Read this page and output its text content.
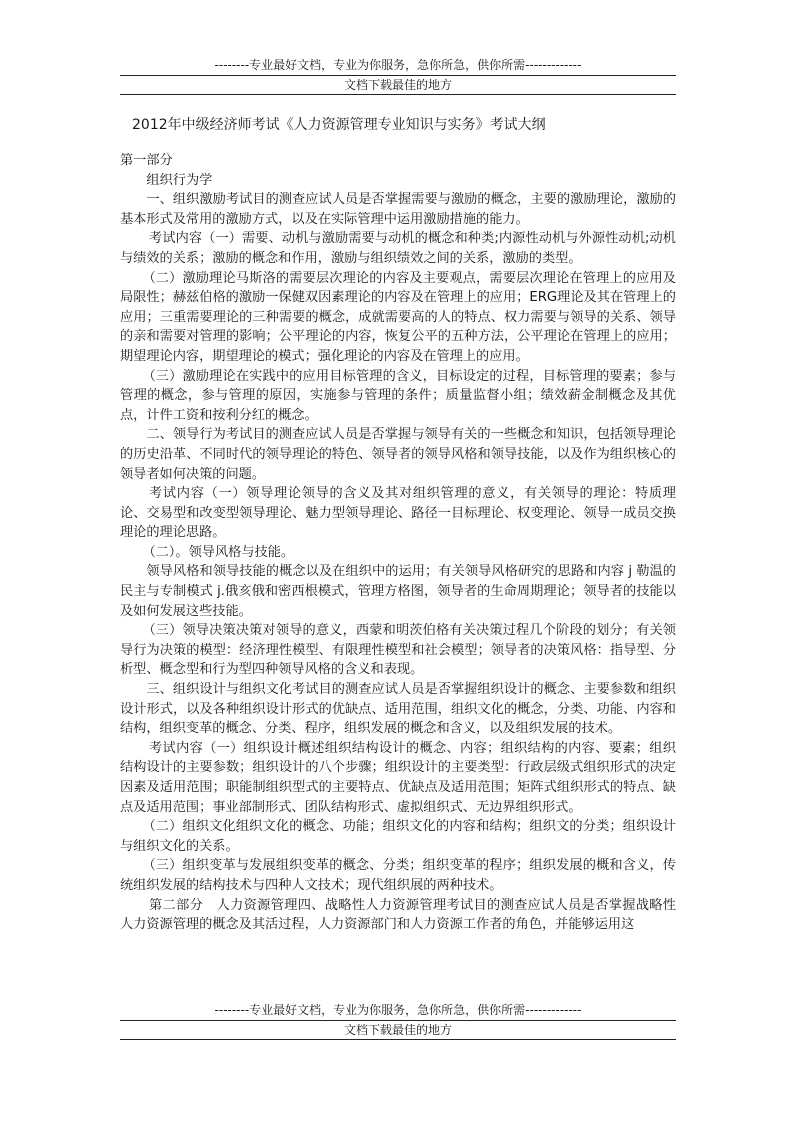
--------专业最好文档，专业为你服务，急你所急，供你所需-------------
文档下载最佳的地方
2012年中级经济师考试《人力资源管理专业知识与实务》考试大纲

第一部分

组织行为学

一、组织激励考试目的测查应试人员是否掌握需要与激励的概念，主要的激励理论，激励的基本形式及常用的激励方式，以及在实际管理中运用激励措施的能力。

考试内容（一）需要、动机与激励需要与动机的概念和种类;内源性动机与外源性动机;动机与绩效的关系；激励的概念和作用，激励与组织绩效之间的关系，激励的类型。

（二）激励理论马斯洛的需要层次理论的内容及主要观点，需要层次理论在管理上的应用及局限性；赫兹伯格的激励一保健双因素理论的内容及在管理上的应用；ERG理论及其在管理上的应用；三重需要理论的三种需要的概念，成就需要高的人的特点、权力需要与领导的关系、领导的亲和需要对管理的影响；公平理论的内容，恢复公平的五种方法，公平理论在管理上的应用；期望理论内容，期望理论的模式；强化理论的内容及在管理上的应用。

（三）激励理论在实践中的应用目标管理的含义，目标设定的过程，目标管理的要素；参与管理的概念，参与管理的原因，实施参与管理的条件；质量监督小组；绩效薪金制概念及其优点，计件工资和按利分红的概念。

二、领导行为考试目的测查应试人员是否掌握与领导有关的一些概念和知识，包括领导理论的历史沿革、不同时代的领导理论的特色、领导者的领导风格和领导技能，以及作为组织核心的领导者如何决策的问题。

考试内容（一）领导理论领导的含义及其对组织管理的意义，有关领导的理论：特质理论、交易型和改变型领导理论、魅力型领导理论、路径一目标理论、权变理论、领导一成员交换理论的理论思路。

（二）。领导风格与技能。

领导风格和领导技能的概念以及在组织中的运用；有关领导风格研究的思路和内容 j 勒温的民主与专制模式 j.俄亥俄和密西根模式，管理方格图，领导者的生命周期理论；领导者的技能以及如何发展这些技能。

（三）领导决策决策对领导的意义，西蒙和明茨伯格有关决策过程几个阶段的划分；有关领导行为决策的模型：经济理性模型、有限理性模型和社会模型；领导者的决策风格：指导型、分析型、概念型和行为型四种领导风格的含义和表现。

三、组织设计与组织文化考试目的测查应试人员是否掌握组织设计的概念、主要参数和组织设计形式，以及各种组织设计形式的优缺点、适用范围，组织文化的概念，分类、功能、内容和结构，组织变革的概念、分类、程序，组织发展的概念和含义，以及组织发展的技术。

考试内容（一）组织设计概述组织结构设计的概念、内容；组织结构的内容、要素；组织结构设计的主要参数；组织设计的八个步骤；组织设计的主要类型：行政层级式组织形式的决定因素及适用范围；职能制组织型式的主要特点、优缺点及适用范围；矩阵式组织形式的特点、缺点及适用范围；事业部制形式、团队结构形式、虚拟组织式、无边界组织形式。

（二）组织文化组织文化的概念、功能；组织文化的内容和结构；组织文的分类；组织设计与组织文化的关系。

（三）组织变革与发展组织变革的概念、分类；组织变革的程序；组织发展的概和含义，传统组织发展的结构技术与四种人文技术；现代组织展的两种技术。

第二部分　人力资源管理四、战略性人力资源管理考试目的测查应试人员是否掌握战略性人力资源管理的概念及其活过程，人力资源部门和人力资源工作者的角色，并能够运用这

--------专业最好文档，专业为你服务，急你所急，供你所需-------------
文档下载最佳的地方
